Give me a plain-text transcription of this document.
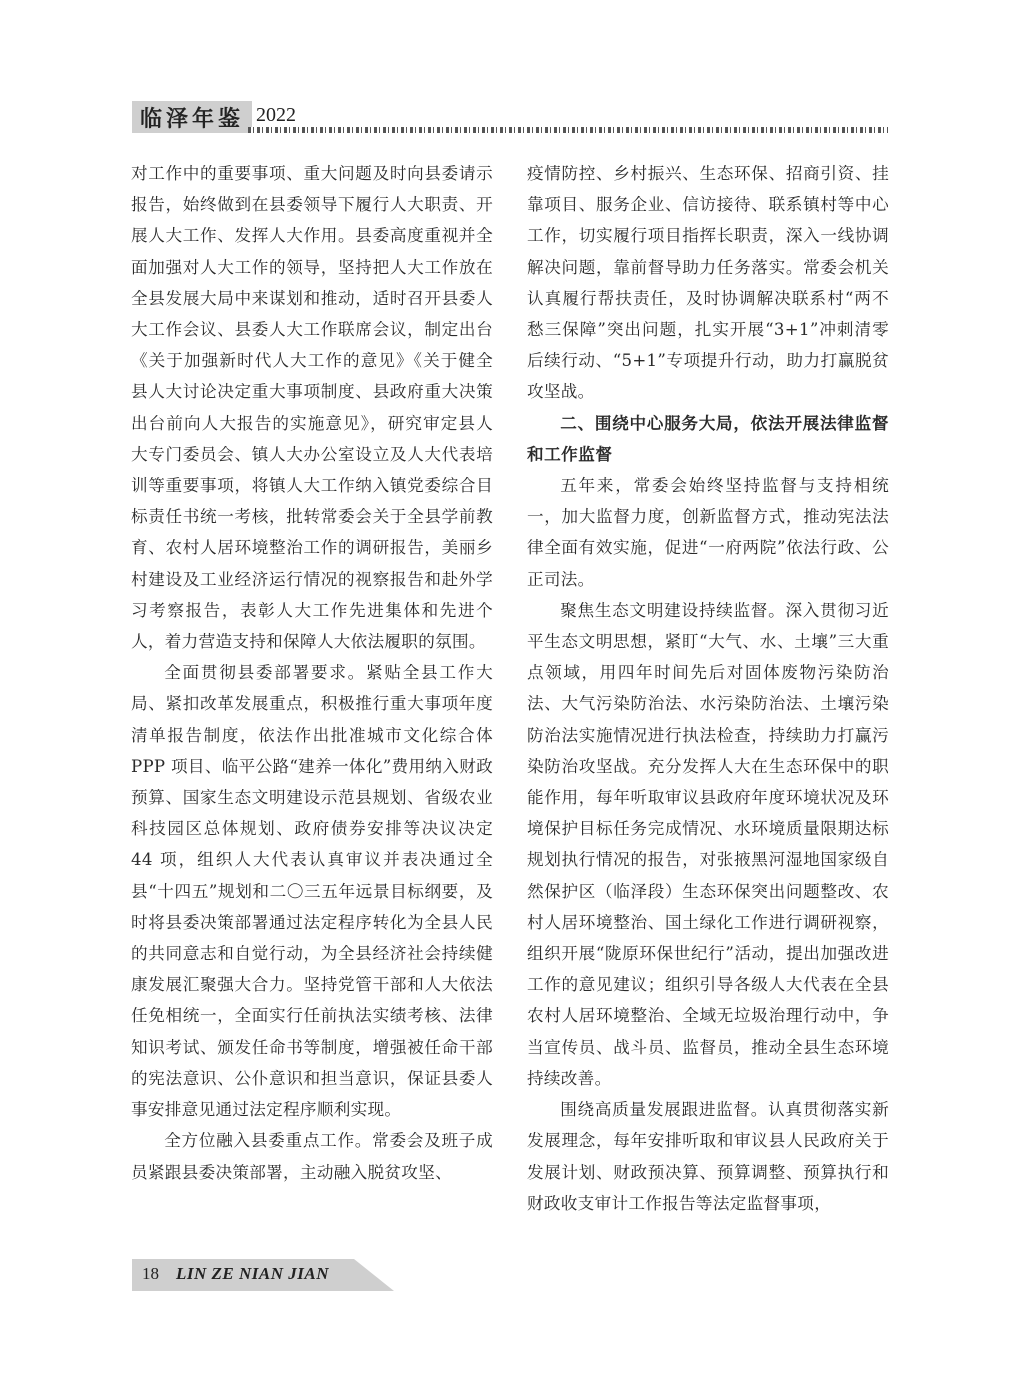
临泽年鉴 2022

对工作中的重要事项、重大问题及时向县委请示报告，始终做到在县委领导下履行人大职责、开展人大工作、发挥人大作用。县委高度重视并全面加强对人大工作的领导，坚持把人大工作放在全县发展大局中来谋划和推动，适时召开县委人大工作会议、县委人大工作联席会议，制定出台《关于加强新时代人大工作的意见》《关于健全县人大讨论决定重大事项制度、县政府重大决策出台前向人大报告的实施意见》，研究审定县人大专门委员会、镇人大办公室设立及人大代表培训等重要事项，将镇人大工作纳入镇党委综合目标责任书统一考核，批转常委会关于全县学前教育、农村人居环境整治工作的调研报告，美丽乡村建设及工业经济运行情况的视察报告和赴外学习考察报告，表彰人大工作先进集体和先进个人，着力营造支持和保障人大依法履职的氛围。

全面贯彻县委部署要求。紧贴全县工作大局、紧扣改革发展重点，积极推行重大事项年度清单报告制度，依法作出批准城市文化综合体 PPP 项目、临平公路“建养一体化”费用纳入财政预算、国家生态文明建设示范县规划、省级农业科技园区总体规划、政府债券安排等决议决定 44 项，组织人大代表认真审议并表决通过全县“十四五”规划和二〇三五年远景目标纲要，及时将县委决策部署通过法定程序转化为全县人民的共同意志和自觉行动，为全县经济社会持续健康发展汇聚强大合力。坚持党管干部和人大依法任免相统一，全面实行任前执法实绩考核、法律知识考试、颁发任命书等制度，增强被任命干部的宪法意识、公仆意识和担当意识，保证县委人事安排意见通过法定程序顺利实现。

全方位融入县委重点工作。常委会及班子成员紧跟县委决策部署，主动融入脱贫攻坚、

疫情防控、乡村振兴、生态环保、招商引资、挂靠项目、服务企业、信访接待、联系镇村等中心工作，切实履行项目指挥长职责，深入一线协调解决问题，靠前督导助力任务落实。常委会机关认真履行帮扶责任，及时协调解决联系村“两不愁三保障”突出问题，扎实开展“3+1”冲刺清零后续行动、“5+1”专项提升行动，助力打赢脱贫攻坚战。

二、围绕中心服务大局，依法开展法律监督和工作监督

五年来，常委会始终坚持监督与支持相统一，加大监督力度，创新监督方式，推动宪法法律全面有效实施，促进“一府两院”依法行政、公正司法。

聚焦生态文明建设持续监督。深入贯彻习近平生态文明思想，紧盯“大气、水、土壤”三大重点领域，用四年时间先后对固体废物污染防治法、大气污染防治法、水污染防治法、土壤污染防治法实施情况进行执法检查，持续助力打赢污染防治攻坚战。充分发挥人大在生态环保中的职能作用，每年听取审议县政府年度环境状况及环境保护目标任务完成情况、水环境质量限期达标规划执行情况的报告，对张掖黑河湿地国家级自然保护区（临泽段）生态环保突出问题整改、农村人居环境整治、国土绿化工作进行调研视察，组织开展“陇原环保世纪行”活动，提出加强改进工作的意见建议；组织引导各级人大代表在全县农村人居环境整治、全域无垃圾治理行动中，争当宣传员、战斗员、监督员，推动全县生态环境持续改善。

围绕高质量发展跟进监督。认真贯彻落实新发展理念，每年安排听取和审议县人民政府关于发展计划、财政预决算、预算调整、预算执行和财政收支审计工作报告等法定监督事项，

18 LIN ZE NIAN JIAN
